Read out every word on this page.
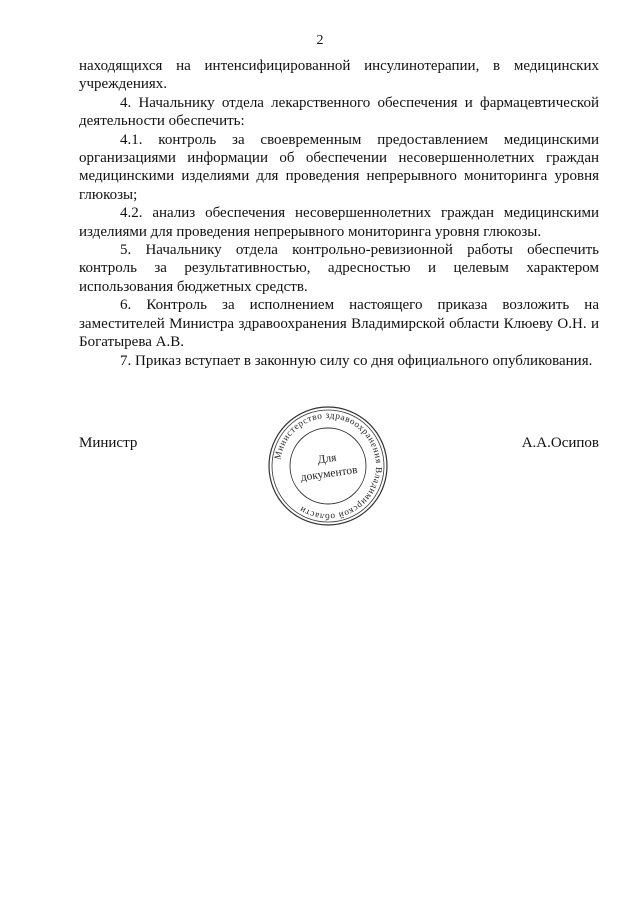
2

находящихся на интенсифицированной инсулинотерапии, в медицинских учреждениях.

4. Начальнику отдела лекарственного обеспечения и фармацевтической деятельности обеспечить:

4.1. контроль за своевременным предоставлением медицинскими организациями информации об обеспечении несовершеннолетних граждан медицинскими изделиями для проведения непрерывного мониторинга уровня глюкозы;

4.2. анализ обеспечения несовершеннолетних граждан медицинскими изделиями для проведения непрерывного мониторинга уровня глюкозы.

5. Начальнику отдела контрольно-ревизионной работы обеспечить контроль за результативностью, адресностью и целевым характером использования бюджетных средств.

6. Контроль за исполнением настоящего приказа возложить на заместителей Министра здравоохранения Владимирской области Клюеву О.Н. и Богатырева А.В.

7. Приказ вступает в законную силу со дня официального опубликования.

Министр	А.А.Осипов
Министерство здравоохранения Владимирской области
Для
документов
